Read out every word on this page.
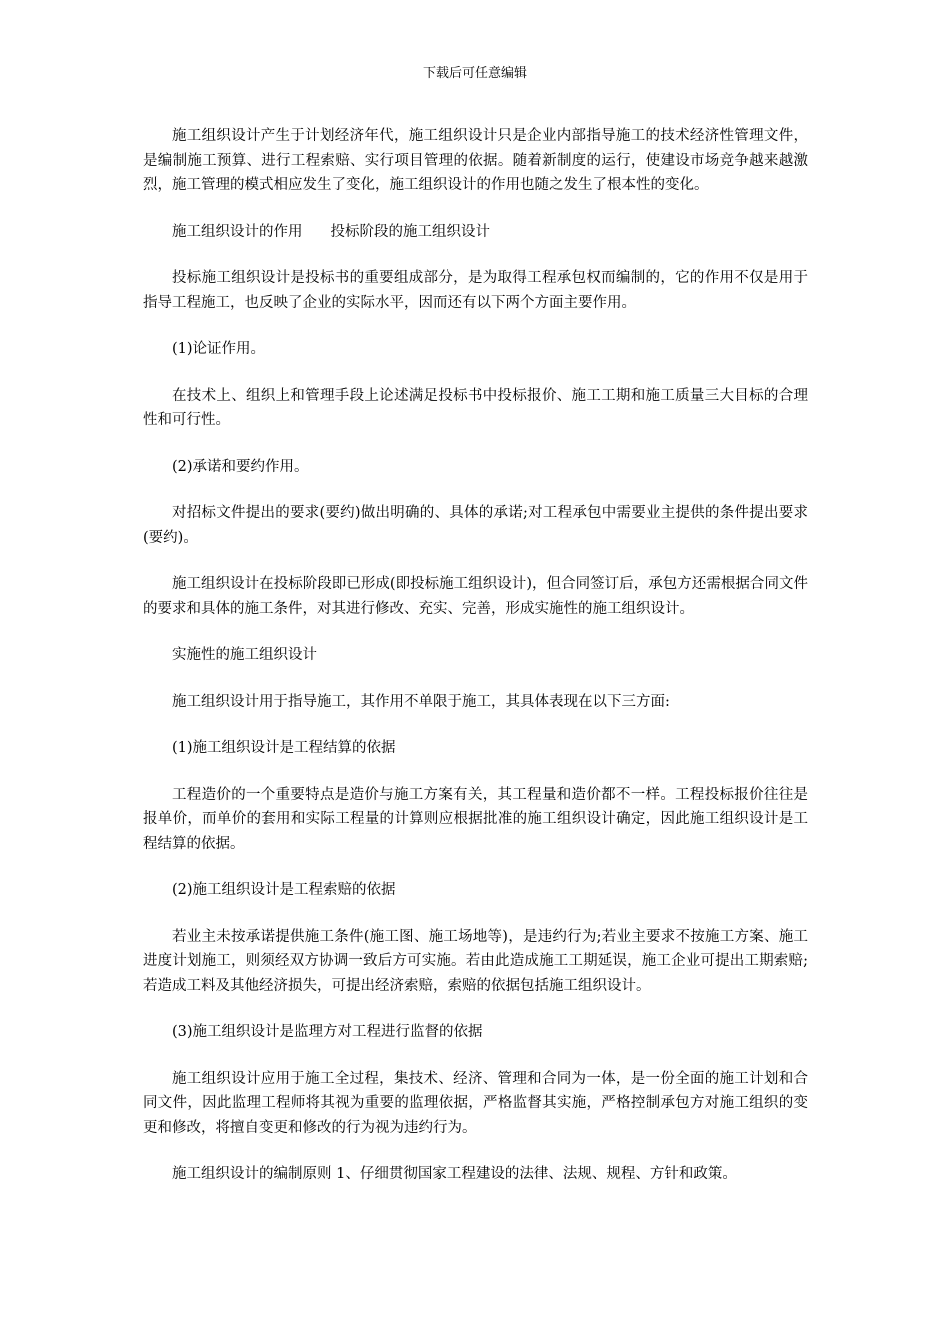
下载后可任意编辑

施工组织设计产生于计划经济年代，施工组织设计只是企业内部指导施工的技术经济性管理文件，是编制施工预算、进行工程索赔、实行项目管理的依据。随着新制度的运行，使建设市场竞争越来越激烈，施工管理的模式相应发生了变化，施工组织设计的作用也随之发生了根本性的变化。

施工组织设计的作用 投标阶段的施工组织设计

投标施工组织设计是投标书的重要组成部分，是为取得工程承包权而编制的，它的作用不仅是用于指导工程施工，也反映了企业的实际水平，因而还有以下两个方面主要作用。

(1)论证作用。

在技术上、组织上和管理手段上论述满足投标书中投标报价、施工工期和施工质量三大目标的合理性和可行性。

(2)承诺和要约作用。

对招标文件提出的要求(要约)做出明确的、具体的承诺;对工程承包中需要业主提供的条件提出要求(要约)。

施工组织设计在投标阶段即已形成(即投标施工组织设计)，但合同签订后，承包方还需根据合同文件的要求和具体的施工条件，对其进行修改、充实、完善，形成实施性的施工组织设计。

实施性的施工组织设计

施工组织设计用于指导施工，其作用不单限于施工，其具体表现在以下三方面:

(1)施工组织设计是工程结算的依据

工程造价的一个重要特点是造价与施工方案有关，其工程量和造价都不一样。工程投标报价往往是报单价，而单价的套用和实际工程量的计算则应根据批准的施工组织设计确定，因此施工组织设计是工程结算的依据。

(2)施工组织设计是工程索赔的依据

若业主未按承诺提供施工条件(施工图、施工场地等)，是违约行为;若业主要求不按施工方案、施工进度计划施工，则须经双方协调一致后方可实施。若由此造成施工工期延误，施工企业可提出工期索赔;若造成工料及其他经济损失，可提出经济索赔，索赔的依据包括施工组织设计。

(3)施工组织设计是监理方对工程进行监督的依据

施工组织设计应用于施工全过程，集技术、经济、管理和合同为一体，是一份全面的施工计划和合同文件，因此监理工程师将其视为重要的监理依据，严格监督其实施，严格控制承包方对施工组织的变更和修改，将擅自变更和修改的行为视为违约行为。

施工组织设计的编制原则 1、仔细贯彻国家工程建设的法律、法规、规程、方针和政策。
